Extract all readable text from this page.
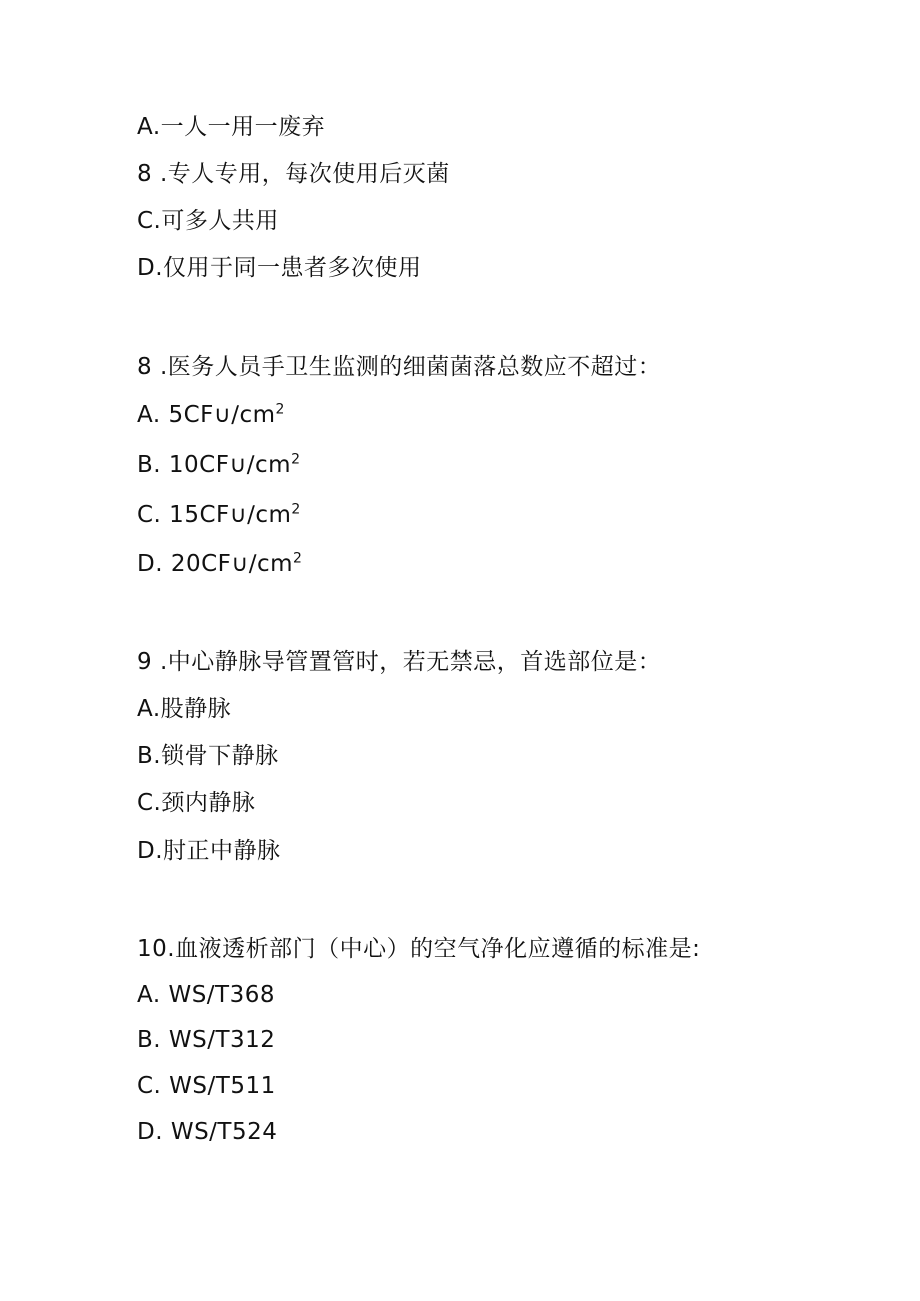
A.一人一用一废弃
8 .专人专用，每次使用后灭菌
C.可多人共用
D.仅用于同一患者多次使用
8 .医务人员手卫生监测的细菌菌落总数应不超过：
A. $5CF\cup∕cm^2$
B. $10CF\cup∕cm^2$
C. $15CF\cup∕cm^2$
D. $20CF\cup∕cm^2$
9 .中心静脉导管置管时，若无禁忌，首选部位是：
A.股静脉
B.锁骨下静脉
C.颈内静脉
D.肘正中静脉
10.血液透析部门（中心）的空气净化应遵循的标准是:
A. WS/T368
B. WS/T312
C. WS/T511
D. WS/T524
